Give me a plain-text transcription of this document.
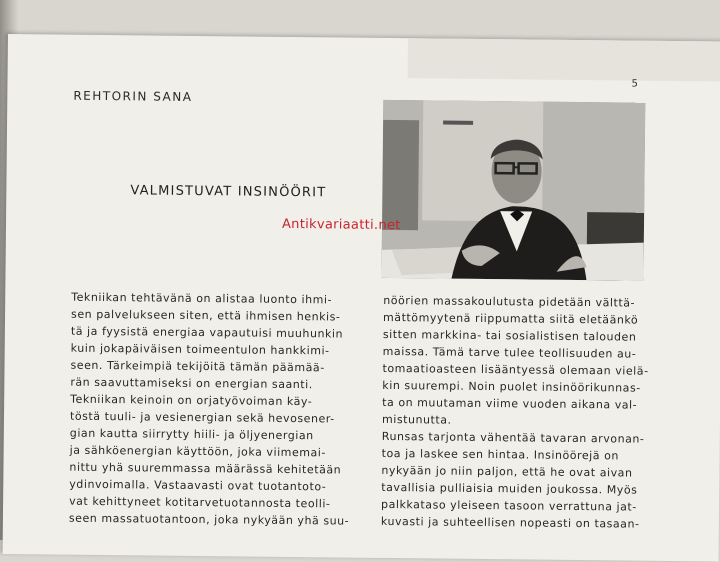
5
REHTORIN SANA
VALMISTUVAT INSINÖÖRIT
Antikvariaatti.net
Tekniikan tehtävänä on alistaa luonto ihmi-
sen palvelukseen siten, että ihmisen henkis-
tä ja fyysistä energiaa vapautuisi muuhunkin
kuin jokapäiväisen toimeentulon hankkimi-
seen. Tärkeimpiä tekijöitä tämän päämää-
rän saavuttamiseksi on energian saanti.
Tekniikan keinoin on orjatyövoiman käy-
töstä tuuli- ja vesienergian sekä hevosener-
gian kautta siirrytty hiili- ja öljyenergian
ja sähköenergian käyttöön, joka viimemai-
nittu yhä suuremmassa määrässä kehitetään
ydinvoimalla. Vastaavasti ovat tuotantoto-
vat kehittyneet kotitarvetuotannosta teolli-
seen massatuotantoon, joka nykyään yhä suu-
nöörien massakoulutusta pidetään välttä-
mättömyytenä riippumatta siitä eletäänkö
sitten markkina- tai sosialistisen talouden
maissa. Tämä tarve tulee teollisuuden au-
tomaatioasteen lisääntyessä olemaan vielä-
kin suurempi. Noin puolet insinöörikunnas-
ta on muutaman viime vuoden aikana val-
mistunutta.
Runsas tarjonta vähentää tavaran arvonan-
toa ja laskee sen hintaa. Insinöörejä on
nykyään jo niin paljon, että he ovat aivan
tavallisia pulliaisia muiden joukossa. Myös
palkkataso yleiseen tasoon verrattuna jat-
kuvasti ja suhteellisen nopeasti on tasaan-
